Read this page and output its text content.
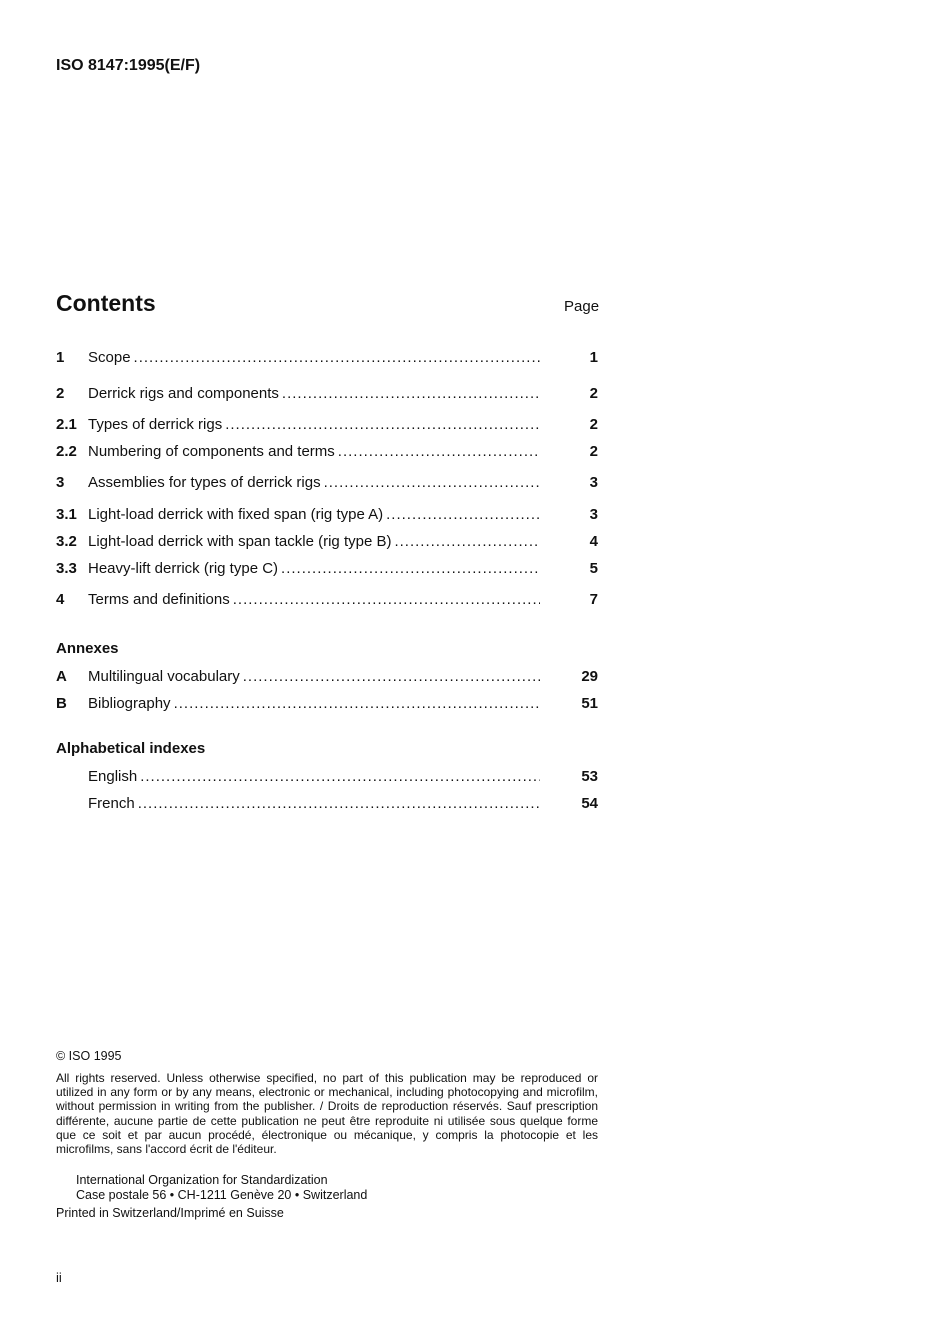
ISO 8147:1995(E/F)
Contents	Page
1	Scope .....	1
2	Derrick rigs and components .....	2
2.1 Types of derrick rigs .....	2
2.2 Numbering of components and terms .....	2
3	Assemblies for types of derrick rigs .....	3
3.1 Light-load derrick with fixed span (rig type A) .....	3
3.2 Light-load derrick with span tackle (rig type B) .....	4
3.3 Heavy-lift derrick (rig type C) .....	5
4	Terms and definitions .....	7
Annexes
A	Multilingual vocabulary .....	29
B	Bibliography .....	51
Alphabetical indexes
English .....	53
French .....	54
© ISO 1995
All rights reserved. Unless otherwise specified, no part of this publication may be reproduced or utilized in any form or by any means, electronic or mechanical, including photocopying and microfilm, without permission in writing from the publisher. / Droits de reproduction réservés. Sauf prescription différente, aucune partie de cette publication ne peut être reproduite ni utilisée sous quelque forme que ce soit et par aucun procédé, électronique ou mécanique, y compris la photocopie et les microfilms, sans l'accord écrit de l'éditeur.
International Organization for Standardization
Case postale 56 • CH-1211 Genève 20 • Switzerland
Printed in Switzerland/Imprimé en Suisse
ii
